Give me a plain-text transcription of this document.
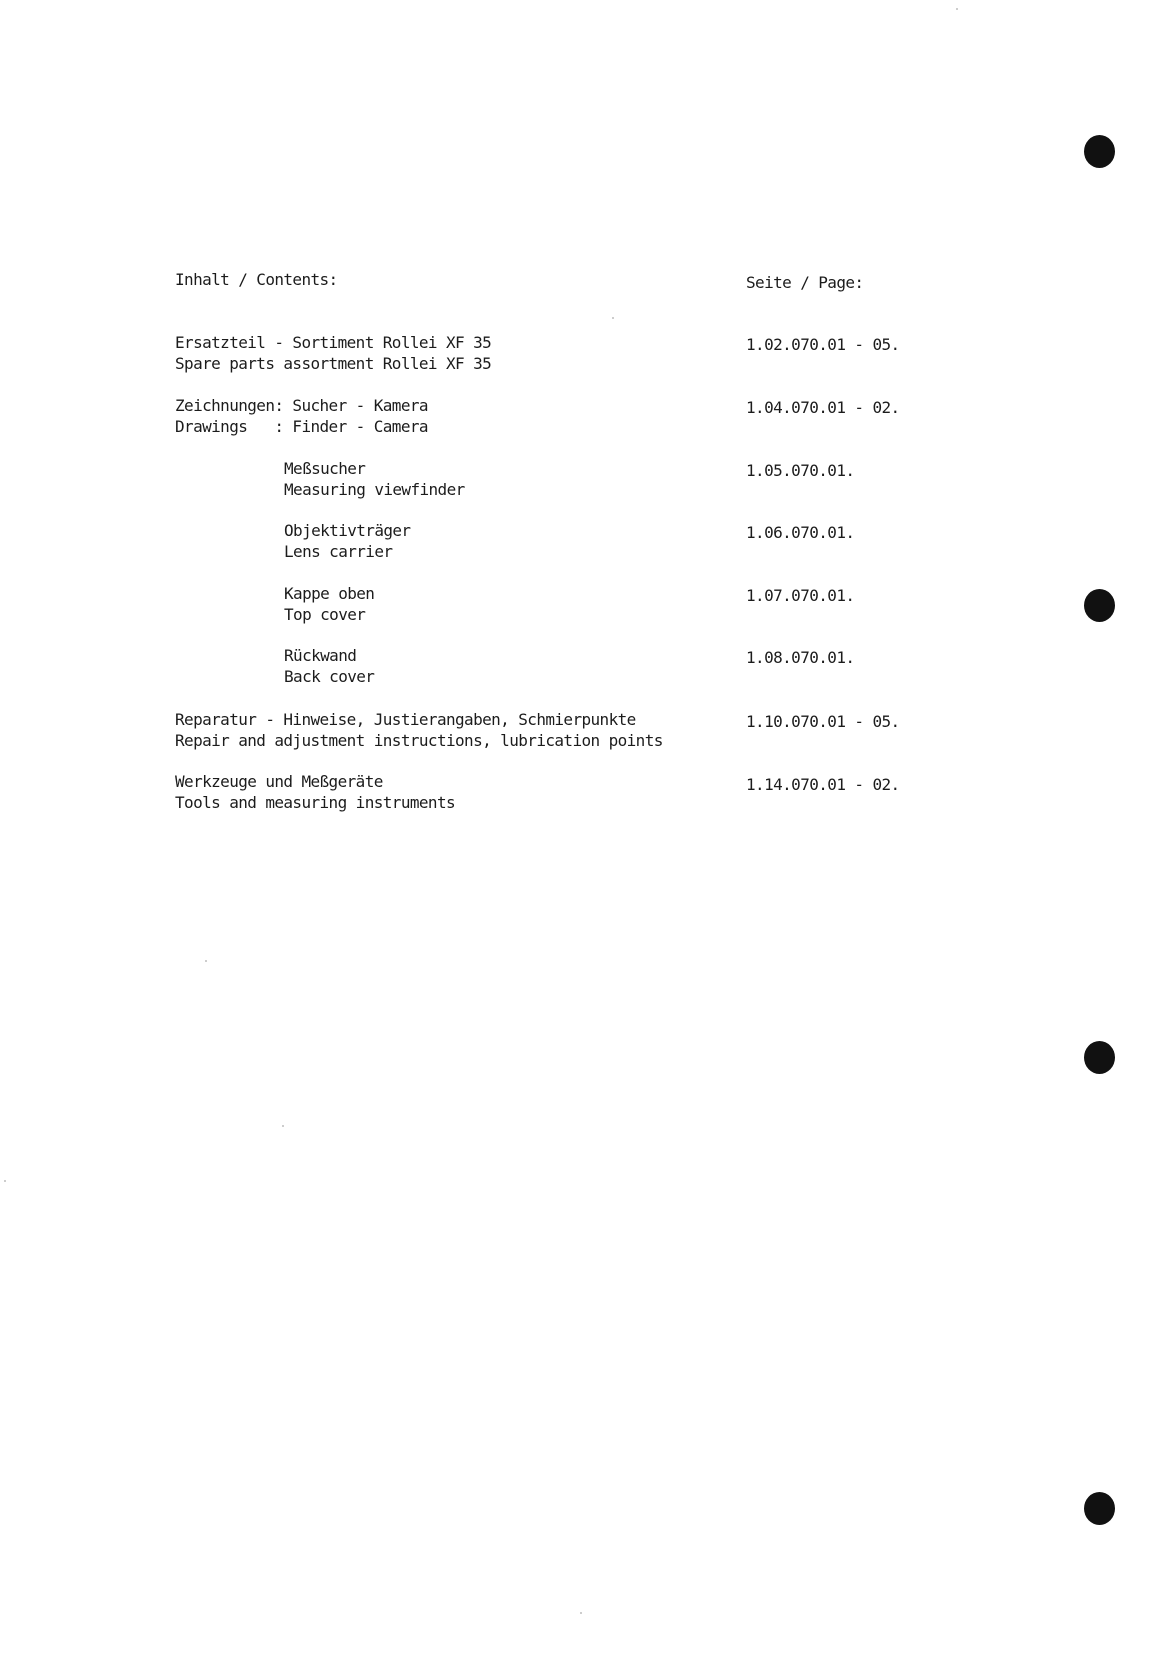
Inhalt / Contents:	Seite / Page:
Ersatzteil - Sortiment Rollei XF 35
Spare parts assortment Rollei XF 35
1.02.070.01 - 05.
Zeichnungen: Sucher - Kamera
Drawings   : Finder - Camera
1.04.070.01 - 02.
Meßsucher
Measuring viewfinder
1.05.070.01.
Objektivträger
Lens carrier
1.06.070.01.
Kappe oben
Top cover
1.07.070.01.
Rückwand
Back cover
1.08.070.01.
Reparatur - Hinweise, Justierangaben, Schmierpunkte
Repair and adjustment instructions, lubrication points
1.10.070.01 - 05.
Werkzeuge und Meßgeräte
Tools and measuring instruments
1.14.070.01 - 02.
